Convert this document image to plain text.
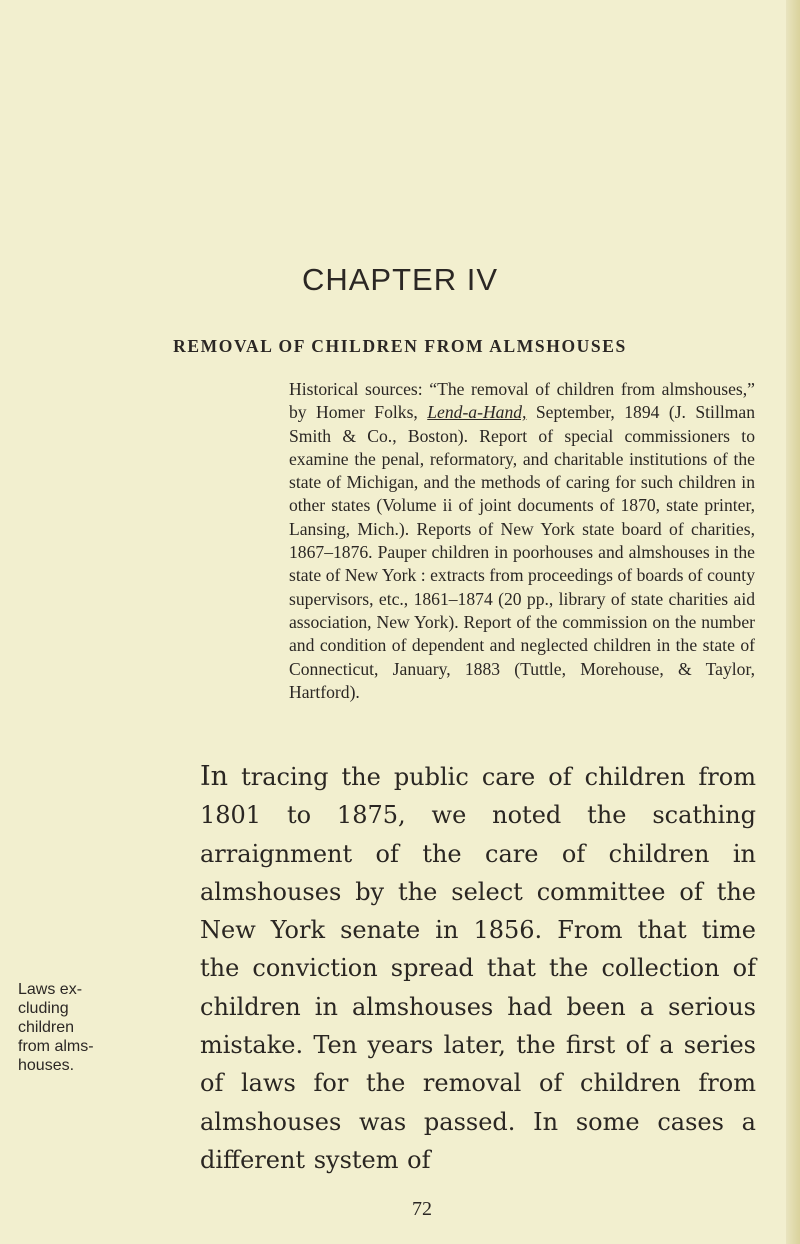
CHAPTER IV
REMOVAL OF CHILDREN FROM ALMSHOUSES
Historical sources: “The removal of children from almshouses,” by Homer Folks, Lend-a-Hand, September, 1894 (J. Stillman Smith & Co., Boston). Report of special commissioners to examine the penal, reformatory, and charitable institutions of the state of Michigan, and the methods of caring for such children in other states (Volume ii of joint documents of 1870, state printer, Lansing, Mich.). Reports of New York state board of charities, 1867–1876. Pauper children in poorhouses and almshouses in the state of New York : extracts from proceedings of boards of county supervisors, etc., 1861–1874 (20 pp., library of state charities aid association, New York). Report of the commission on the number and condition of dependent and neglected children in the state of Connecticut, January, 1883 (Tuttle, Morehouse, & Taylor, Hartford).
In tracing the public care of children from 1801 to 1875, we noted the scathing arraignment of the care of children in almshouses by the select committee of the New York senate in 1856. From that time the conviction spread that the collection of children in almshouses had been a serious mistake. Ten years later, the first of a series of laws for the removal of children from almshouses was passed. In some cases a different system of
Laws ex-
cluding
children
from alms-
houses.
72
